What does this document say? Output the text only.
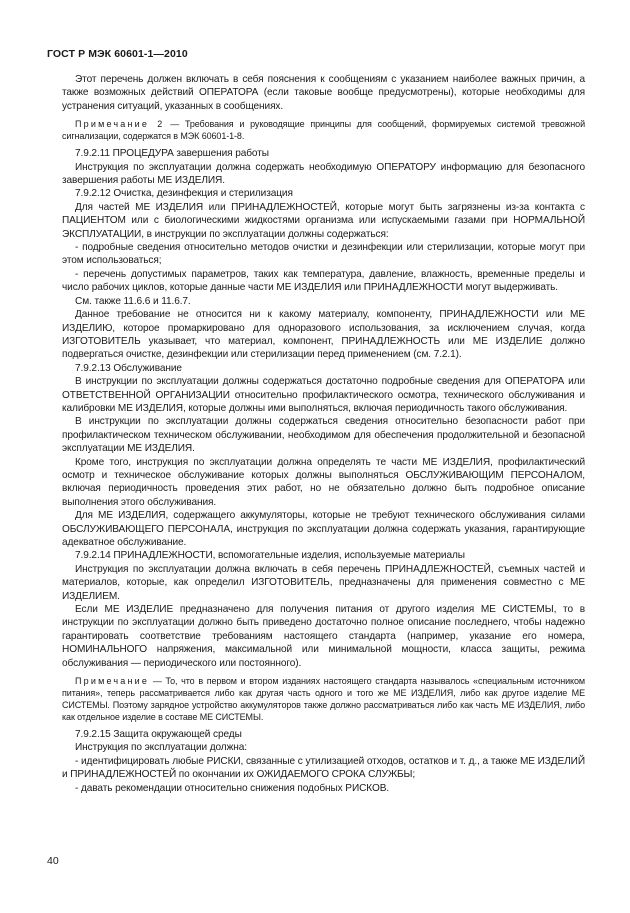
ГОСТ Р МЭК 60601-1—2010

Этот перечень должен включать в себя пояснения к сообщениям с указанием наиболее важных причин, а также возможных действий ОПЕРАТОРА (если таковые вообще предусмотрены), которые необходимы для устранения ситуаций, указанных в сообщениях.

Примечание 2 — Требования и руководящие принципы для сообщений, формируемых системой тревожной сигнализации, содержатся в МЭК 60601-1-8.

7.9.2.11 ПРОЦЕДУРА завершения работы

Инструкция по эксплуатации должна содержать необходимую ОПЕРАТОРУ информацию для безопасного завершения работы МЕ ИЗДЕЛИЯ.

7.9.2.12 Очистка, дезинфекция и стерилизация

Для частей МЕ ИЗДЕЛИЯ или ПРИНАДЛЕЖНОСТЕЙ, которые могут быть загрязнены из-за контакта с ПАЦИЕНТОМ или с биологическими жидкостями организма или испускаемыми газами при НОРМАЛЬНОЙ ЭКСПЛУАТАЦИИ, в инструкции по эксплуатации должны содержаться:

- подробные сведения относительно методов очистки и дезинфекции или стерилизации, которые могут при этом использоваться;

- перечень допустимых параметров, таких как температура, давление, влажность, временные пределы и число рабочих циклов, которые данные части МЕ ИЗДЕЛИЯ или ПРИНАДЛЕЖНОСТИ могут выдерживать.

См. также 11.6.6 и 11.6.7.

Данное требование не относится ни к какому материалу, компоненту, ПРИНАДЛЕЖНОСТИ или МЕ ИЗДЕЛИЮ, которое промаркировано для одноразового использования, за исключением случая, когда ИЗГОТОВИТЕЛЬ указывает, что материал, компонент, ПРИНАДЛЕЖНОСТЬ или МЕ ИЗДЕЛИЕ должно подвергаться очистке, дезинфекции или стерилизации перед применением (см. 7.2.1).

7.9.2.13 Обслуживание

В инструкции по эксплуатации должны содержаться достаточно подробные сведения для ОПЕРАТОРА или ОТВЕТСТВЕННОЙ ОРГАНИЗАЦИИ относительно профилактического осмотра, технического обслуживания и калибровки МЕ ИЗДЕЛИЯ, которые должны ими выполняться, включая периодичность такого обслуживания.

В инструкции по эксплуатации должны содержаться сведения относительно безопасности работ при профилактическом техническом обслуживании, необходимом для обеспечения продолжительной и безопасной эксплуатации МЕ ИЗДЕЛИЯ.

Кроме того, инструкция по эксплуатации должна определять те части МЕ ИЗДЕЛИЯ, профилактический осмотр и техническое обслуживание которых должны выполняться ОБСЛУЖИВАЮЩИМ ПЕРСОНАЛОМ, включая периодичность проведения этих работ, но не обязательно должно быть подробное описание выполнения этого обслуживания.

Для МЕ ИЗДЕЛИЯ, содержащего аккумуляторы, которые не требуют технического обслуживания силами ОБСЛУЖИВАЮЩЕГО ПЕРСОНАЛА, инструкция по эксплуатации должна содержать указания, гарантирующие адекватное обслуживание.

7.9.2.14 ПРИНАДЛЕЖНОСТИ, вспомогательные изделия, используемые материалы

Инструкция по эксплуатации должна включать в себя перечень ПРИНАДЛЕЖНОСТЕЙ, съемных частей и материалов, которые, как определил ИЗГОТОВИТЕЛЬ, предназначены для применения совместно с МЕ ИЗДЕЛИЕМ.

Если МЕ ИЗДЕЛИЕ предназначено для получения питания от другого изделия МЕ СИСТЕМЫ, то в инструкции по эксплуатации должно быть приведено достаточно полное описание последнего, чтобы надежно гарантировать соответствие требованиям настоящего стандарта (например, указание его номера, НОМИНАЛЬНОГО напряжения, максимальной или минимальной мощности, класса защиты, режима обслуживания — периодического или постоянного).

Примечание — То, что в первом и втором изданиях настоящего стандарта называлось «специальным источником питания», теперь рассматривается либо как другая часть одного и того же МЕ ИЗДЕЛИЯ, либо как другое изделие МЕ СИСТЕМЫ. Поэтому зарядное устройство аккумуляторов также должно рассматриваться либо как часть МЕ ИЗДЕЛИЯ, либо как отдельное изделие в составе МЕ СИСТЕМЫ.

7.9.2.15 Защита окружающей среды

Инструкция по эксплуатации должна:

- идентифицировать любые РИСКИ, связанные с утилизацией отходов, остатков и т. д., а также МЕ ИЗДЕЛИЙ и ПРИНАДЛЕЖНОСТЕЙ по окончании их ОЖИДАЕМОГО СРОКА СЛУЖБЫ;

- давать рекомендации относительно снижения подобных РИСКОВ.

40
